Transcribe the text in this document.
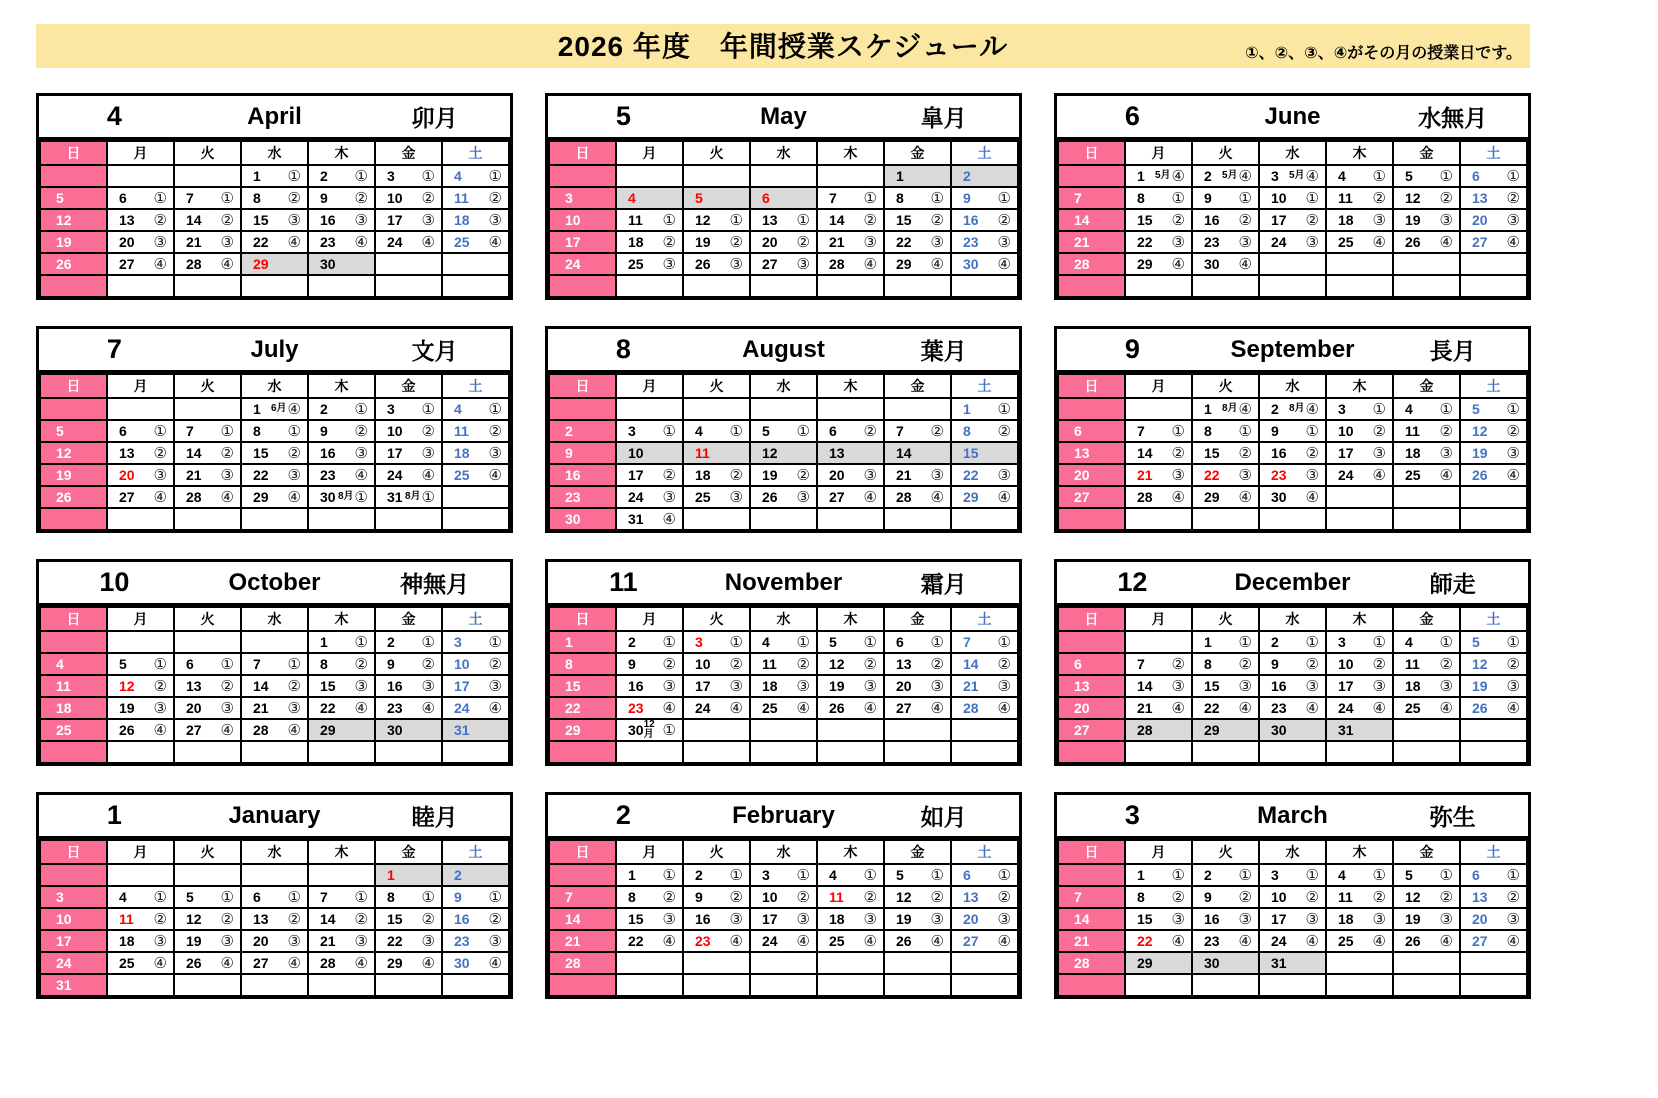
2026 年度　年間授業スケジュール	①、②、③、④がその月の授業日です。
4	April	卯月
日	月	火	水	木	金	土

			1 ①	2 ①	3 ①	4 ①

5	6 ①	7 ①	8 ②	9 ②	10 ②	11 ②

12	13 ②	14 ②	15 ③	16 ③	17 ③	18 ③

19	20 ③	21 ③	22 ④	23 ④	24 ④	25 ④

26	27 ④	28 ④	29	30		

5	May	皐月
日	月	火	水	木	金	土

					1	2

3	4	5	6	7 ①	8 ①	9 ①

10	11 ①	12 ①	13 ①	14 ②	15 ②	16 ②

17	18 ②	19 ②	20 ②	21 ③	22 ③	23 ③

24	25 ③	26 ③	27 ③	28 ④	29 ④	30 ④

6	June	水無月
日	月	火	水	木	金	土

	1 5月 ④	2 5月 ④	3 5月 ④	4 ①	5 ①	6 ①

7	8 ①	9 ①	10 ①	11 ②	12 ②	13 ②

14	15 ②	16 ②	17 ②	18 ③	19 ③	20 ③

21	22 ③	23 ③	24 ③	25 ④	26 ④	27 ④

28	29 ④	30 ④				

7	July	文月
日	月	火	水	木	金	土

			1 6月 ④	2 ①	3 ①	4 ①

5	6 ①	7 ①	8 ①	9 ②	10 ②	11 ②

12	13 ②	14 ②	15 ②	16 ③	17 ③	18 ③

19	20 ③	21 ③	22 ③	23 ④	24 ④	25 ④

26	27 ④	28 ④	29 ④	30 8月 ①	31 8月 ①	

8	August	葉月
日	月	火	水	木	金	土

						1 ①

2	3 ①	4 ①	5 ①	6 ②	7 ②	8 ②

9	10	11	12	13	14	15

16	17 ②	18 ②	19 ②	20 ③	21 ③	22 ③

23	24 ③	25 ③	26 ③	27 ④	28 ④	29 ④

30	31 ④					

9	September	長月
日	月	火	水	木	金	土

		1 8月 ④	2 8月 ④	3 ①	4 ①	5 ①

6	7 ①	8 ①	9 ①	10 ②	11 ②	12 ②

13	14 ②	15 ②	16 ②	17 ③	18 ③	19 ③

20	21 ③	22 ③	23 ③	24 ④	25 ④	26 ④

27	28 ④	29 ④	30 ④			

10	October	神無月
日	月	火	水	木	金	土

				1 ①	2 ①	3 ①

4	5 ①	6 ①	7 ①	8 ②	9 ②	10 ②

11	12 ②	13 ②	14 ②	15 ③	16 ③	17 ③

18	19 ③	20 ③	21 ③	22 ④	23 ④	24 ④

25	26 ④	27 ④	28 ④	29	30	31

11	November	霜月
日	月	火	水	木	金	土

1	2 ①	3 ①	4 ①	5 ①	6 ①	7 ①

8	9 ②	10 ②	11 ②	12 ②	13 ②	14 ②

15	16 ③	17 ③	18 ③	19 ③	20 ③	21 ③

22	23 ④	24 ④	25 ④	26 ④	27 ④	28 ④

29	30 12月 ①					

12	December	師走
日	月	火	水	木	金	土

		1 ①	2 ①	3 ①	4 ①	5 ①

6	7 ②	8 ②	9 ②	10 ②	11 ②	12 ②

13	14 ③	15 ③	16 ③	17 ③	18 ③	19 ③

20	21 ④	22 ④	23 ④	24 ④	25 ④	26 ④

27	28	29	30	31		

1	January	睦月
日	月	火	水	木	金	土

					1	2

3	4 ①	5 ①	6 ①	7 ①	8 ①	9 ①

10	11 ②	12 ②	13 ②	14 ②	15 ②	16 ②

17	18 ③	19 ③	20 ③	21 ③	22 ③	23 ③

24	25 ④	26 ④	27 ④	28 ④	29 ④	30 ④

31						

2	February	如月
日	月	火	水	木	金	土

	1 ①	2 ①	3 ①	4 ①	5 ①	6 ①

7	8 ②	9 ②	10 ②	11 ②	12 ②	13 ②

14	15 ③	16 ③	17 ③	18 ③	19 ③	20 ③

21	22 ④	23 ④	24 ④	25 ④	26 ④	27 ④

28						

3	March	弥生
日	月	火	水	木	金	土

	1 ①	2 ①	3 ①	4 ①	5 ①	6 ①

7	8 ②	9 ②	10 ②	11 ②	12 ②	13 ②

14	15 ③	16 ③	17 ③	18 ③	19 ③	20 ③

21	22 ④	23 ④	24 ④	25 ④	26 ④	27 ④

28	29	30	31			
